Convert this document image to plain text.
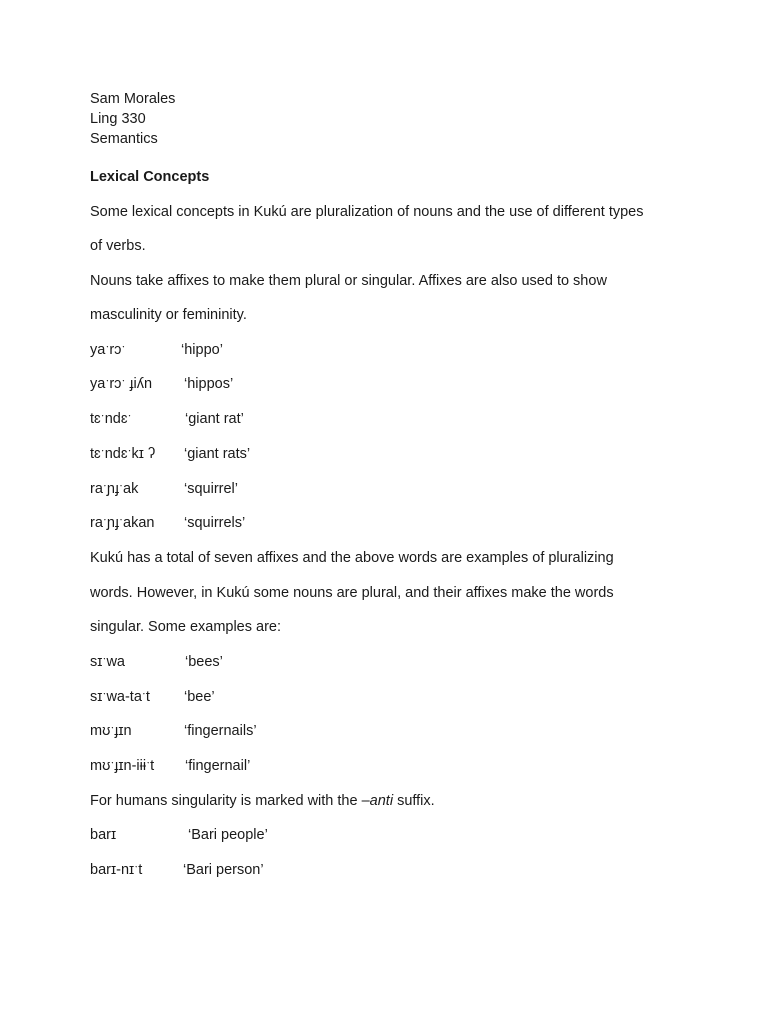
Sam Morales

Ling 330

Semantics

Lexical Concepts

Some lexical concepts in Kukú are pluralization of nouns and the use of different types

of verbs.

Nouns take affixes to make them plural or singular. Affixes are also used to show

masculinity or femininity.

yaˑrɔˑ	‘hippo’

yaˑrɔˑ ɟiʎn ‘hippos’

tɛˑndɛˑ	‘giant rat’

tɛˑndɛˑkɪ ʔ ‘giant rats’

raˑɲɟˑak	‘squirrel’

raˑɲɟˑakan ‘squirrels’

Kukú has a total of seven affixes and the above words are examples of pluralizing

words. However, in Kukú some nouns are plural, and their affixes make the words

singular. Some examples are:

sɪˑwa	‘bees’

sɪˑwa-taˑt ‘bee’

mʊˑɟɪn	‘fingernails’

mʊˑɟɪn-iɨɨˑt ‘fingernail’

For humans singularity is marked with the –anti suffix.

barɪ	‘Bari people’

barɪ-nɪˑt	‘Bari person’
